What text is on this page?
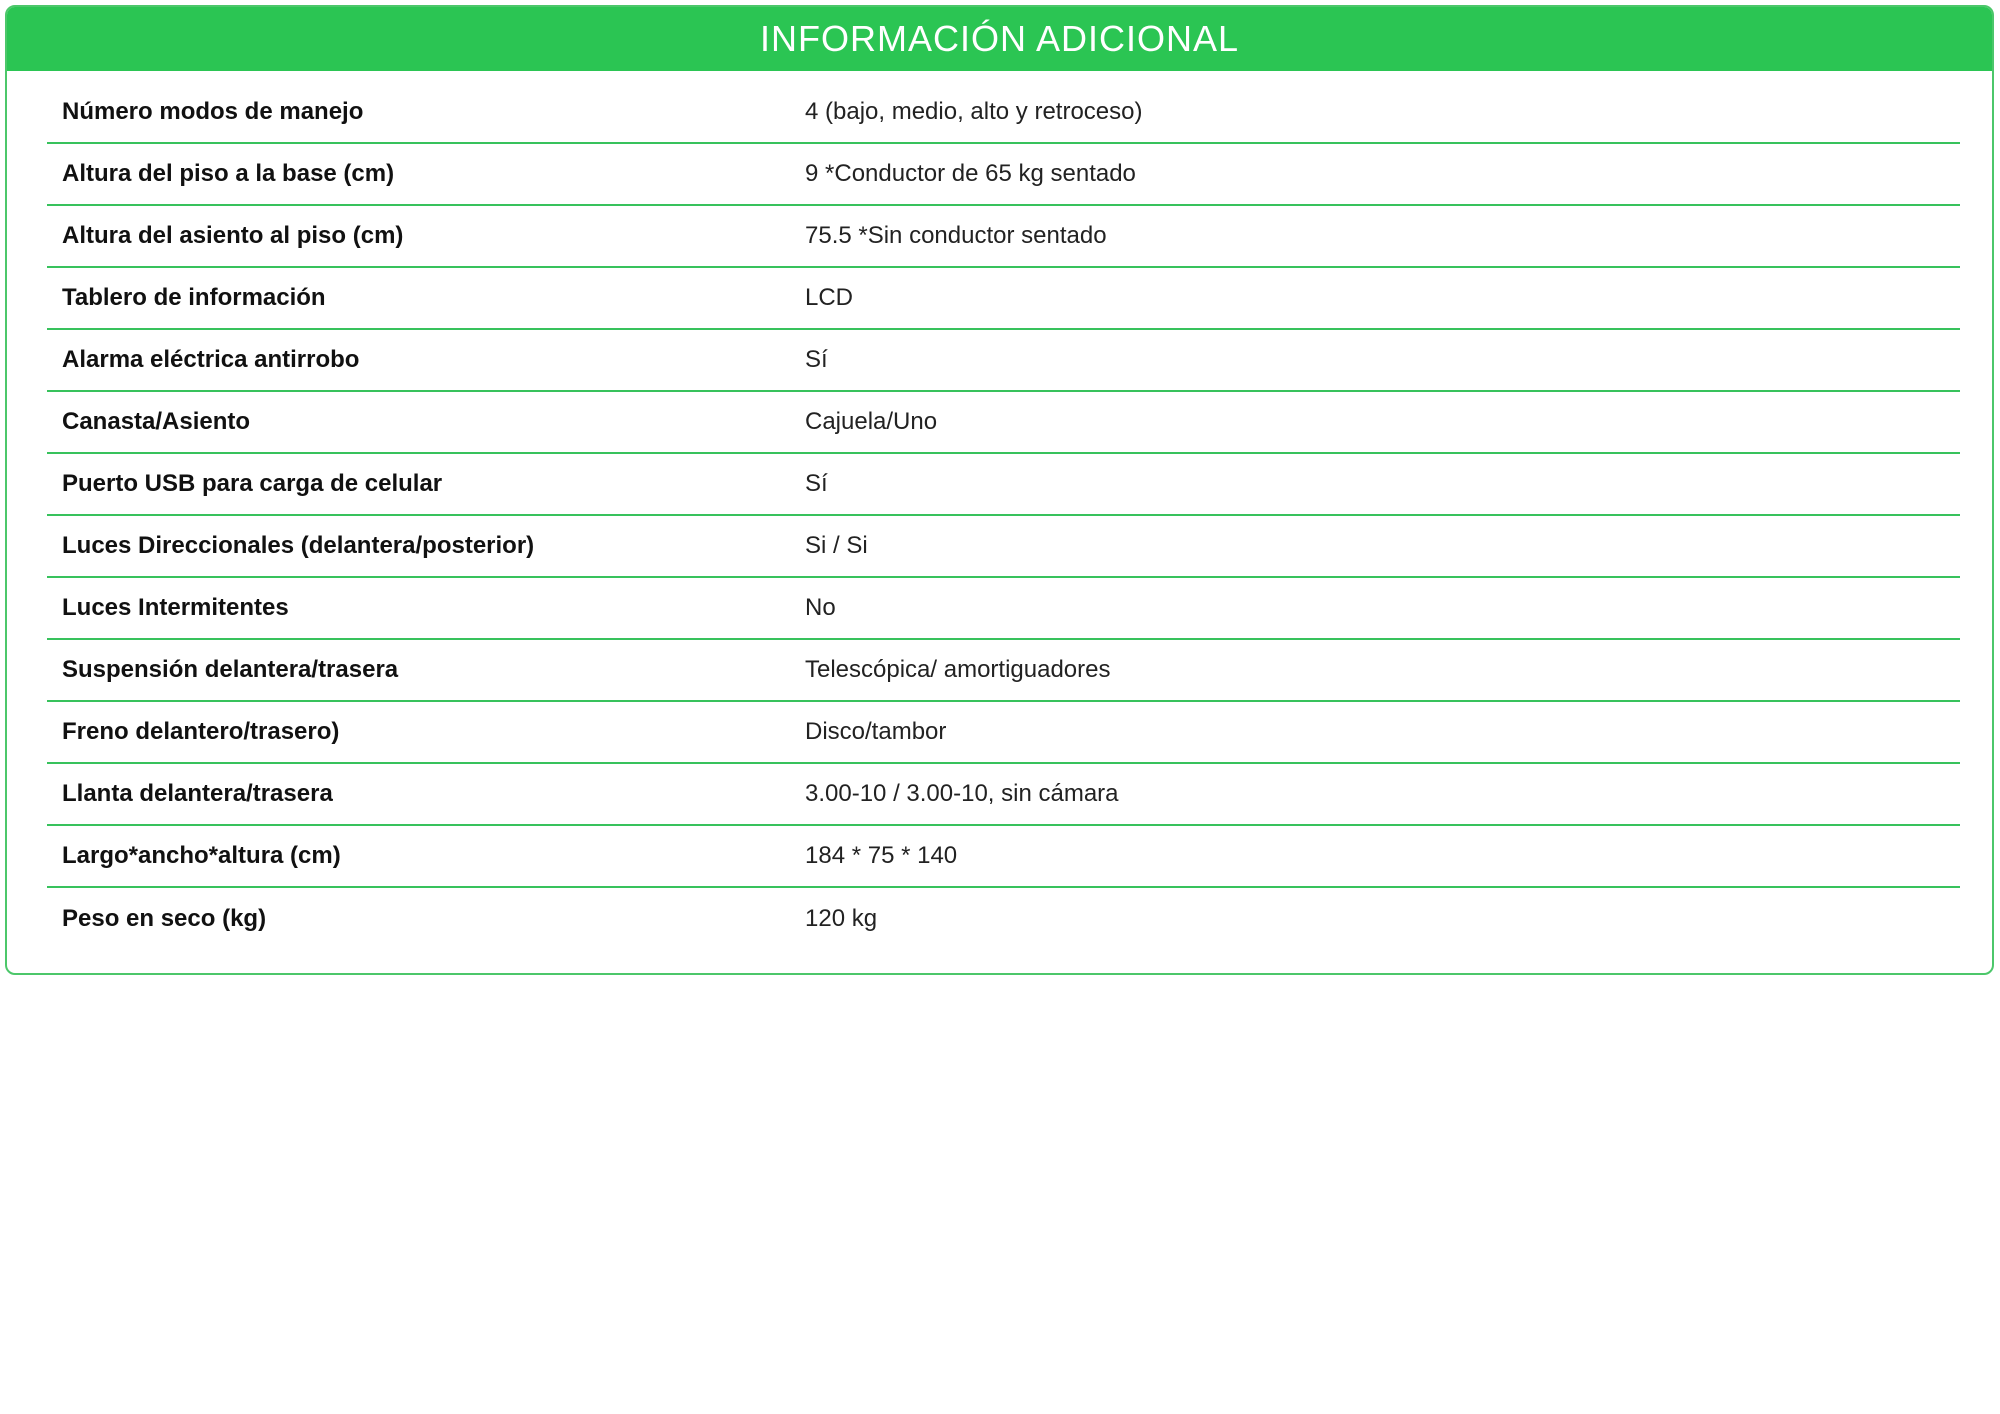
INFORMACIÓN ADICIONAL
Número modos de manejo	4 (bajo, medio, alto y retroceso)
Altura del piso a la base (cm)	9 *Conductor de 65 kg sentado
Altura del asiento al piso (cm)	75.5 *Sin conductor sentado
Tablero de información	LCD
Alarma eléctrica antirrobo	Sí
Canasta/Asiento	Cajuela/Uno
Puerto USB para carga de celular	Sí
Luces Direccionales (delantera/posterior)	Si / Si
Luces Intermitentes	No
Suspensión delantera/trasera	Telescópica/ amortiguadores
Freno delantero/trasero)	Disco/tambor
Llanta delantera/trasera	3.00-10 / 3.00-10, sin cámara
Largo*ancho*altura (cm)	184 * 75 * 140
Peso en seco (kg)	120 kg
